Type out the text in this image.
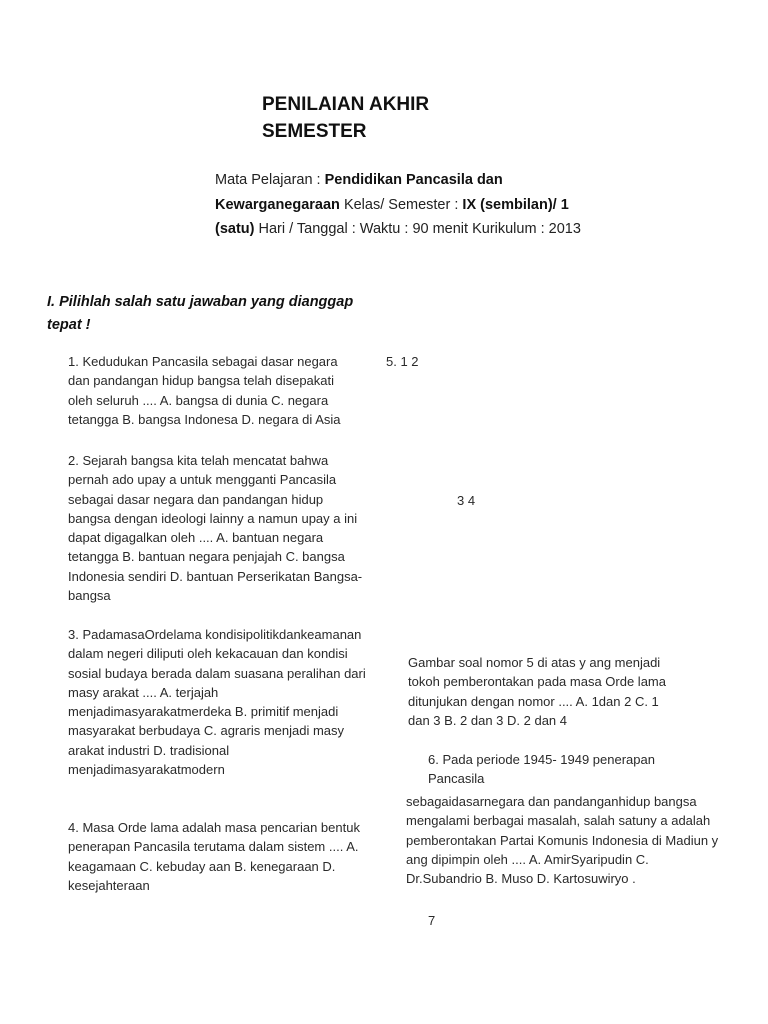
PENILAIAN AKHIR
SEMESTER
Mata Pelajaran : Pendidikan Pancasila dan
Kewarganegaraan Kelas/ Semester : IX (sembilan)/ 1
(satu) Hari / Tanggal : Waktu : 90 menit Kurikulum : 2013
I. Pilihlah salah satu jawaban yang dianggap tepat !
1. Kedudukan Pancasila sebagai dasar negara dan pandangan hidup bangsa telah disepakati oleh seluruh .... A. bangsa di dunia C. negara tetangga B. bangsa Indonesa D. negara di Asia
5. 1 2
2. Sejarah bangsa kita telah mencatat bahwa pernah ado upay a untuk mengganti Pancasila sebagai dasar negara dan pandangan hidup bangsa dengan ideologi lainny a namun upay a ini dapat digagalkan oleh .... A. bantuan negara tetangga B. bantuan negara penjajah C. bangsa Indonesia sendiri D. bantuan Perserikatan Bangsa-bangsa
3 4
3. PadamasaOrdelama kondisipolitikdankeamanan dalam negeri diliputi oleh kekacauan dan kondisi sosial budaya berada dalam suasana peralihan dari masy arakat .... A. terjajah menjadimasyarakatmerdeka B. primitif menjadi masyarakat berbudaya C. agraris menjadi masy arakat industri D. tradisional menjadimasyarakatmodern
Gambar soal nomor 5 di atas y ang menjadi tokoh pemberontakan pada masa Orde lama ditunjukan dengan nomor .... A. 1dan 2 C. 1 dan 3 B. 2 dan 3 D. 2 dan 4
6. Pada periode 1945- 1949 penerapan Pancasila
4. Masa Orde lama adalah masa pencarian bentuk penerapan Pancasila terutama dalam sistem .... A. keagamaan C. kebuday aan B. kenegaraan D. kesejahteraan
sebagaidasarnegara dan pandanganhidup bangsa mengalami berbagai masalah, salah satuny a adalah pemberontakan Partai Komunis Indonesia di Madiun y ang dipimpin oleh .... A. AmirSyaripudin C. Dr.Subandrio B. Muso D. Kartosuwiryo .
7
